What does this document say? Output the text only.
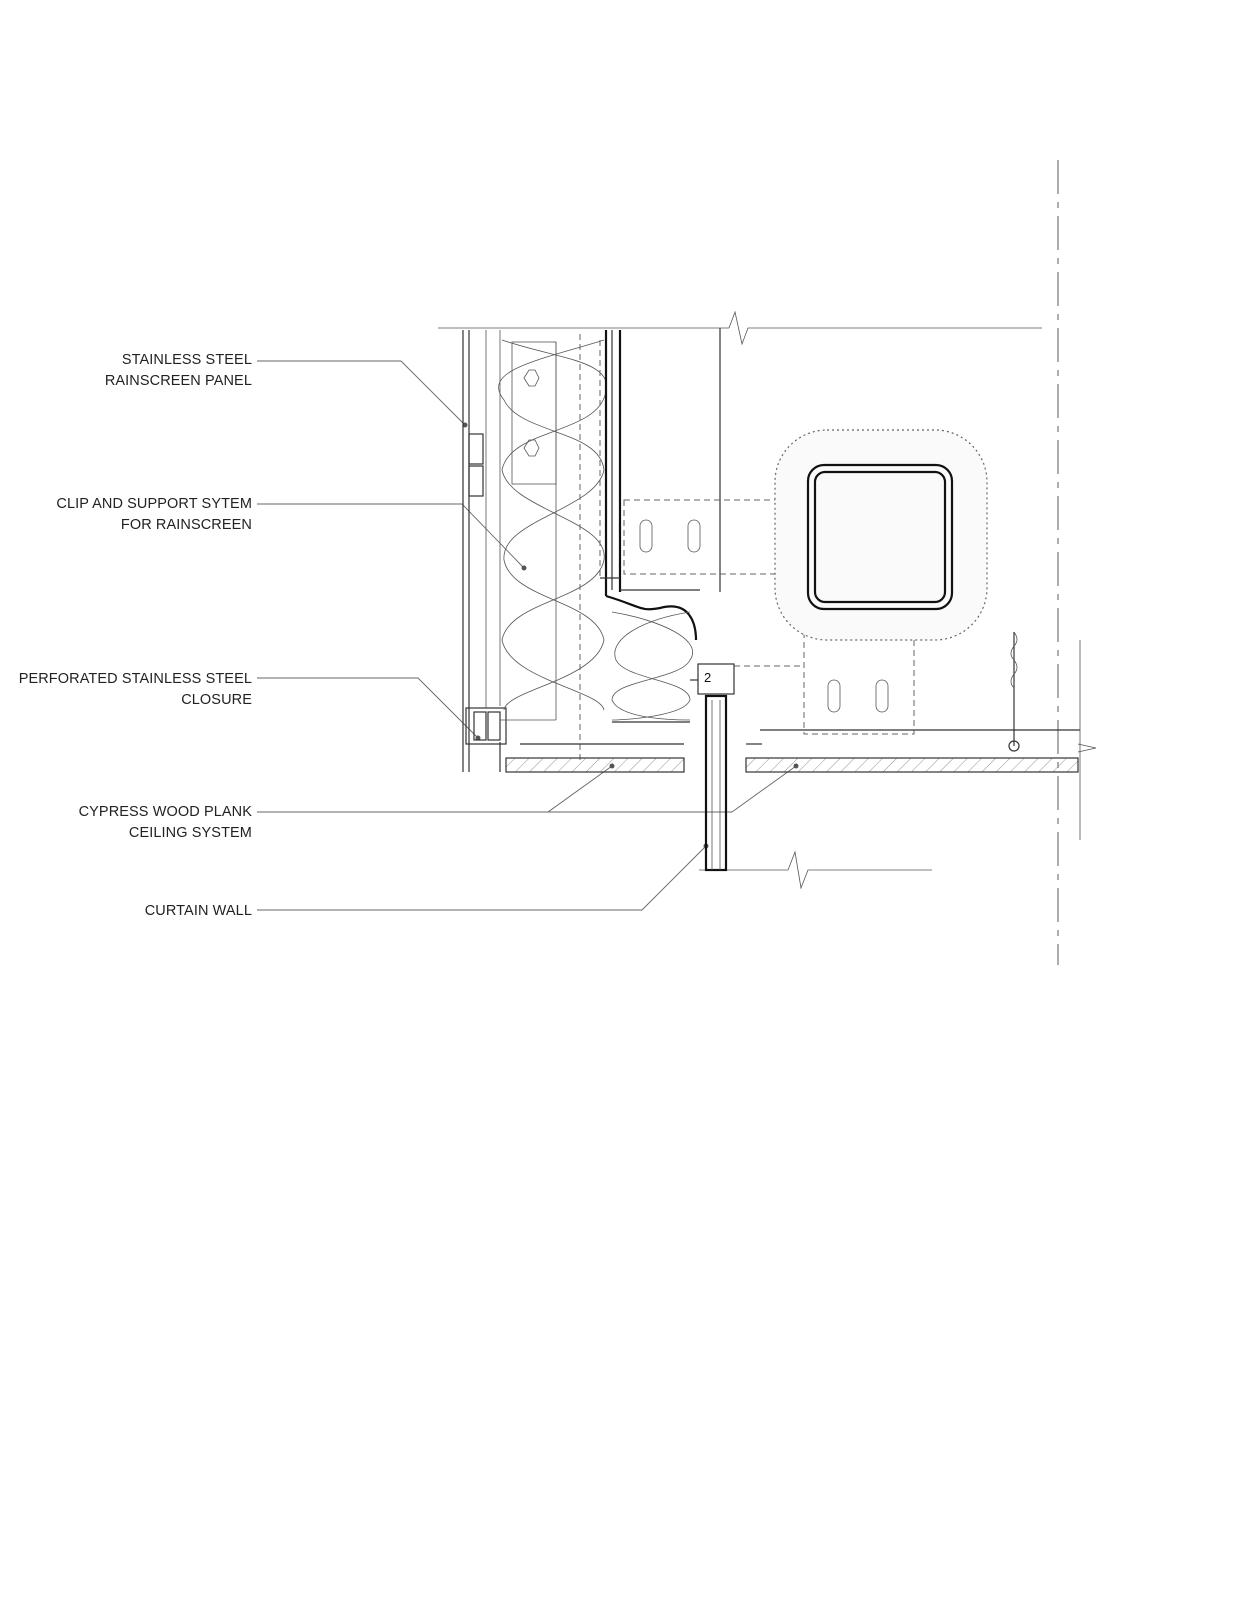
STAINLESS STEEL
RAINSCREEN PANEL
CLIP AND SUPPORT SYTEM
FOR RAINSCREEN
PERFORATED STAINLESS STEEL
CLOSURE
CYPRESS WOOD PLANK
CEILING SYSTEM
CURTAIN WALL
2
